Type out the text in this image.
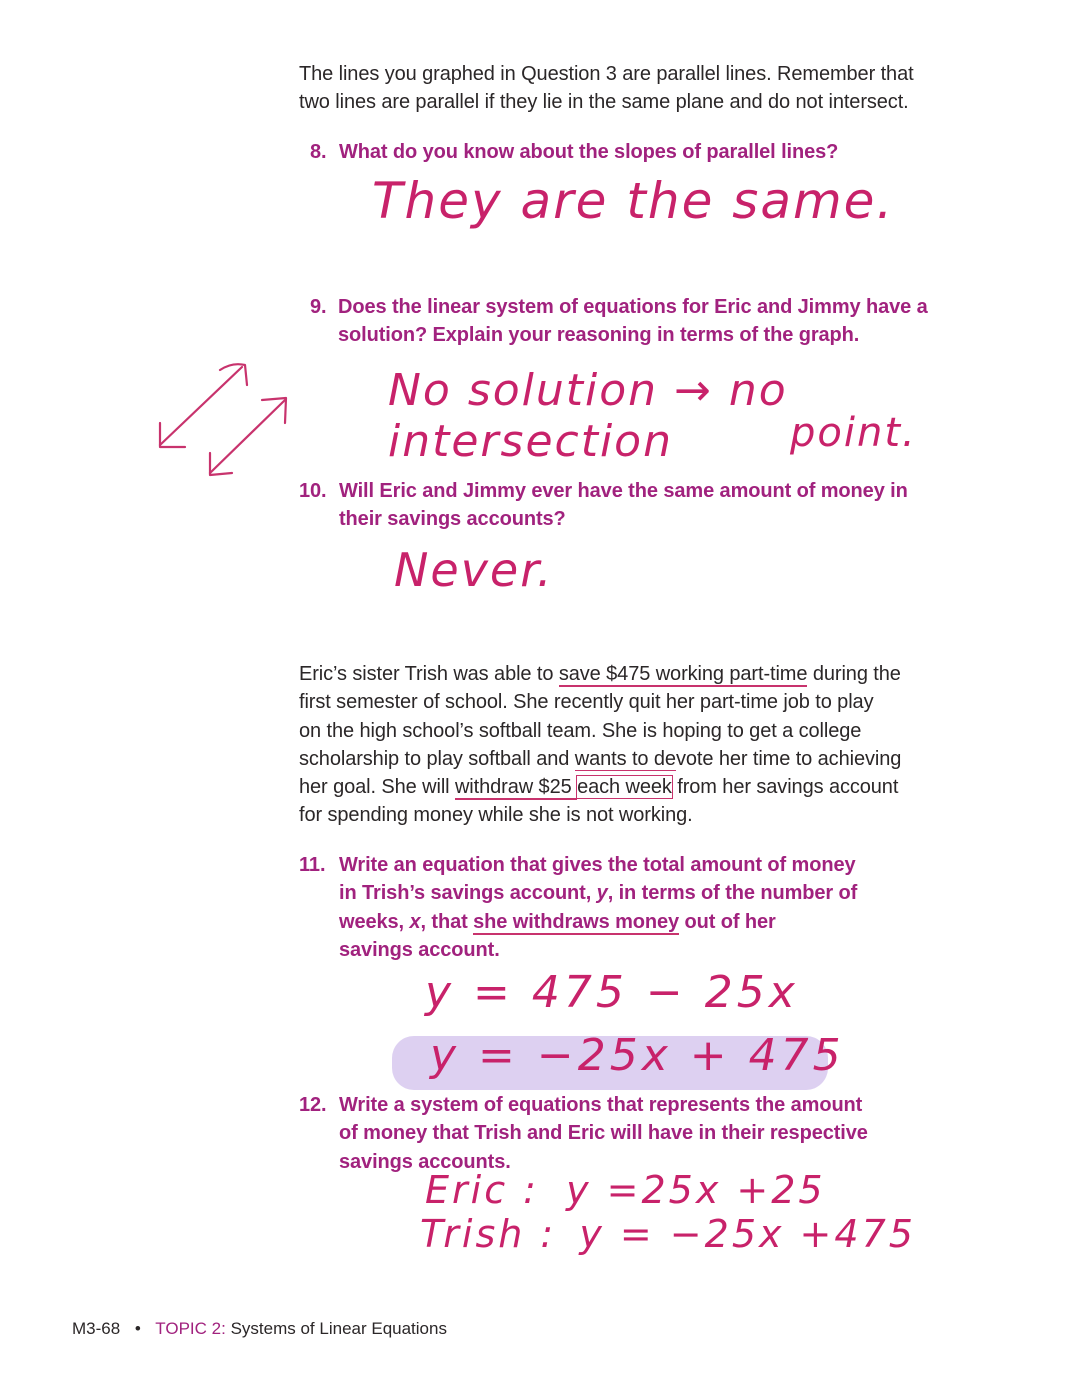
The lines you graphed in Question 3 are parallel lines. Remember that
two lines are parallel if they lie in the same plane and do not intersect.
8. What do you know about the slopes of parallel lines?
They are the same.
9. Does the linear system of equations for Eric and Jimmy have a
solution? Explain your reasoning in terms of the graph.
No solution → no intersection	point.
10. Will Eric and Jimmy ever have the same amount of money in
their savings accounts?
Never.
Eric’s sister Trish was able to save $475 working part-time during the
first semester of school. She recently quit her part-time job to play
on the high school’s softball team. She is hoping to get a college
scholarship to play softball and wants to devote her time to achieving
her goal. She will withdraw $25 each week from her savings account
for spending money while she is not working.
11. Write an equation that gives the total amount of money
in Trish’s savings account, y, in terms of the number of
weeks, x, that she withdraws money out of her
savings account.
y = 475 − 25x
y = −25x + 475
12. Write a system of equations that represents the amount
of money that Trish and Eric will have in their respective
savings accounts.
Eric : y =25x +25
Trish : y = −25x +475
M3-68 • TOPIC 2: Systems of Linear Equations
